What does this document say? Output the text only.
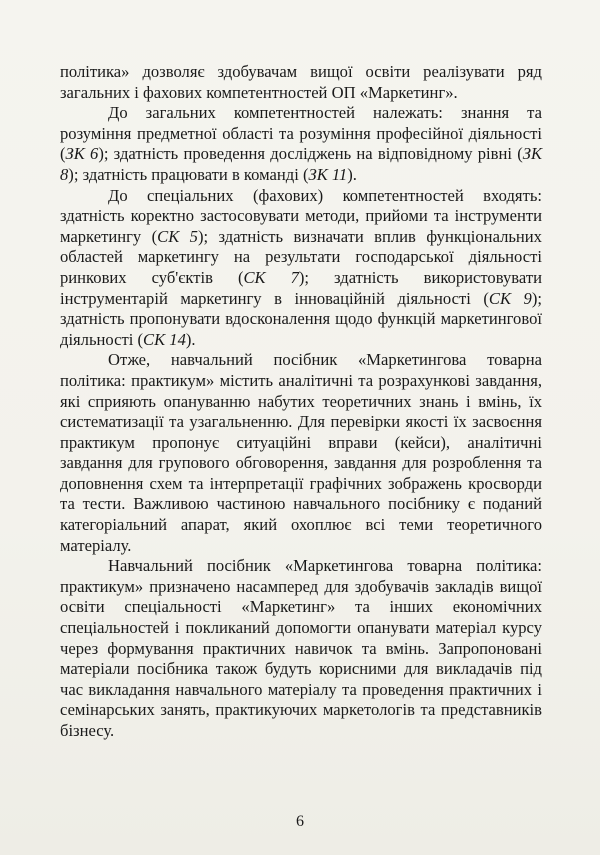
політика» дозволяє здобувачам вищої освіти реалізувати ряд загальних і фахових компетентностей ОП «Маркетинг».

До загальних компетентностей належать: знання та розуміння предметної області та розуміння професійної діяльності (ЗК 6); здатність проведення досліджень на відповідному рівні (ЗК 8); здатність працювати в команді (ЗК 11).

До спеціальних (фахових) компетентностей входять: здатність коректно застосовувати методи, прийоми та інструменти маркетингу (СК 5); здатність визначати вплив функціональних областей маркетингу на результати господарської діяльності ринкових суб'єктів (СК 7); здатність використовувати інструментарій маркетингу в інноваційній діяльності (СК 9); здатність пропонувати вдосконалення щодо функцій маркетингової діяльності (СК 14).

Отже, навчальний посібник «Маркетингова товарна політика: практикум» містить аналітичні та розрахункові завдання, які сприяють опануванню набутих теоретичних знань і вмінь, їх систематизації та узагальненню. Для перевірки якості їх засвоєння практикум пропонує ситуаційні вправи (кейси), аналітичні завдання для групового обговорення, завдання для розроблення та доповнення схем та інтерпретації графічних зображень кросворди та тести. Важливою частиною навчального посібнику є поданий категоріальний апарат, який охоплює всі теми теоретичного матеріалу.

Навчальний посібник «Маркетингова товарна політика: практикум» призначено насамперед для здобувачів закладів вищої освіти спеціальності «Маркетинг» та інших економічних спеціальностей і покликаний допомогти опанувати матеріал курсу через формування практичних навичок та вмінь. Запропоновані матеріали посібника також будуть корисними для викладачів під час викладання навчального матеріалу та проведення практичних і семінарських занять, практикуючих маркетологів та представників бізнесу.

6
